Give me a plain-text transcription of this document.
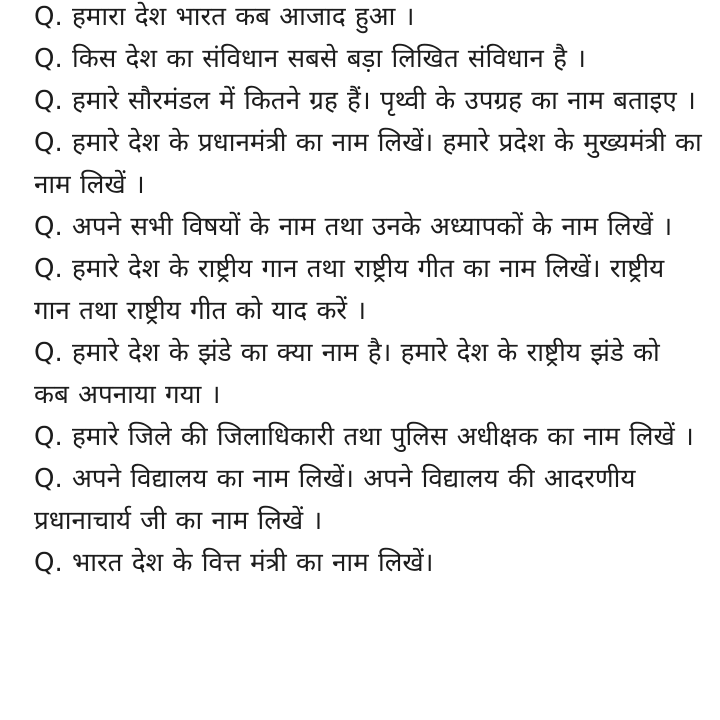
Q. हमारा देश भारत कब आजाद हुआ ।
Q. किस देश का संविधान सबसे बड़ा लिखित संविधान है ।
Q. हमारे सौरमंडल में कितने ग्रह हैं। पृथ्वी के उपग्रह का नाम बताइए ।
Q. हमारे देश के प्रधानमंत्री का नाम लिखें। हमारे प्रदेश के मुख्यमंत्री का नाम लिखें ।
Q. अपने सभी विषयों के नाम तथा उनके अध्यापकों के नाम लिखें ।
Q. हमारे देश के राष्ट्रीय गान तथा राष्ट्रीय गीत का नाम लिखें। राष्ट्रीय गान तथा राष्ट्रीय गीत को याद करें ।
Q. हमारे देश के झंडे का क्या नाम है। हमारे देश के राष्ट्रीय झंडे को कब अपनाया गया ।
Q. हमारे जिले की जिलाधिकारी तथा पुलिस अधीक्षक का नाम लिखें ।
Q. अपने विद्यालय का नाम लिखें। अपने विद्यालय की आदरणीय प्रधानाचार्य जी का नाम लिखें ।
Q. भारत देश के वित्त मंत्री का नाम लिखें।
